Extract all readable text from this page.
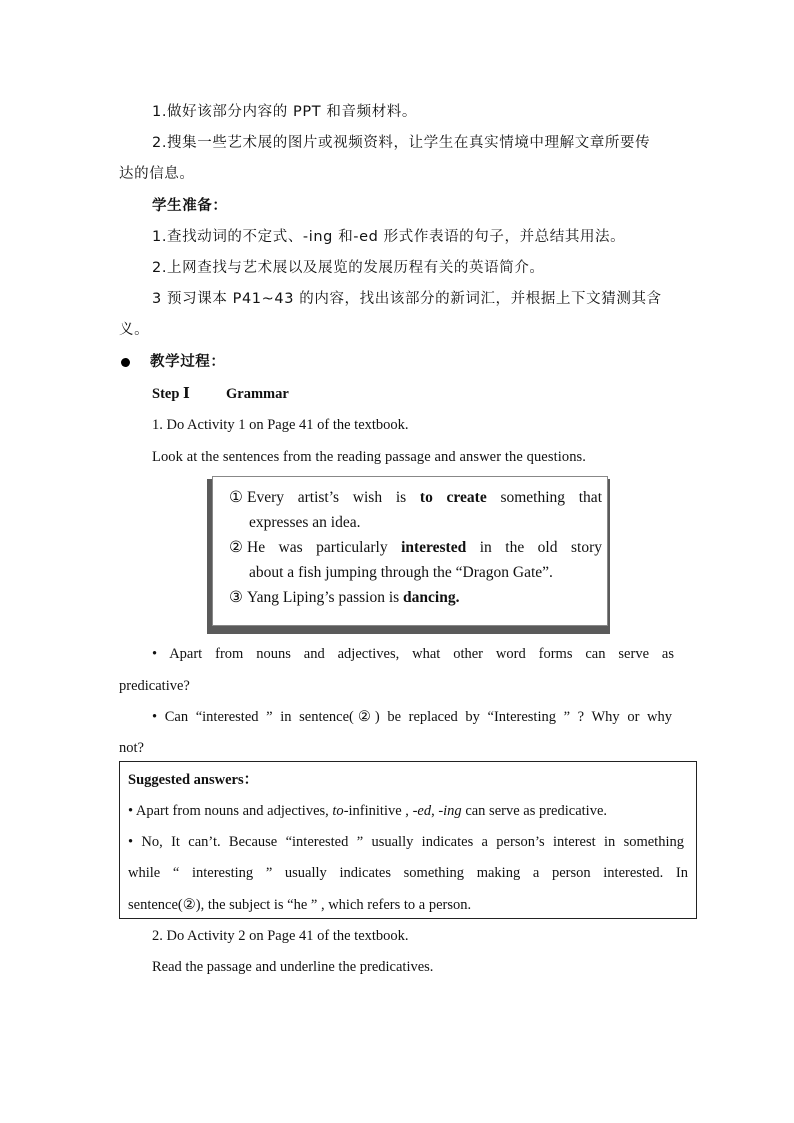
1.做好该部分内容的 PPT 和音频材料。
2.搜集一些艺术展的图片或视频资料，让学生在真实情境中理解文章所要传
达的信息。
学生准备：
1.查找动词的不定式、-ing 和-ed 形式作表语的句子，并总结其用法。
2.上网查找与艺术展以及展览的发展历程有关的英语简介。
3 预习课本 P41~43 的内容，找出该部分的新词汇，并根据上下文猜测其含
义。
教学过程：
Step Ⅰ Grammar
1. Do Activity 1 on Page 41 of the textbook.
Look at the sentences from the reading passage and answer the questions.
① Every artist’s wish is to create something that
expresses an idea.
② He was particularly interested in the old story
about a fish jumping through the “Dragon Gate”.
③ Yang Liping’s passion is dancing.
• Apart from nouns and adjectives, what other word forms can serve as
predicative?
• Can “interested ” in sentence(②) be replaced by “Interesting ” ? Why or why
not?
Suggested answers：
• Apart from nouns and adjectives, to-infinitive , -ed, -ing can serve as predicative.
• No, It can’t. Because “interested ” usually indicates a person’s interest in something
while “ interesting ” usually indicates something making a person interested. In
sentence(②), the subject is “he ” , which refers to a person.
2. Do Activity 2 on Page 41 of the textbook.
Read the passage and underline the predicatives.
